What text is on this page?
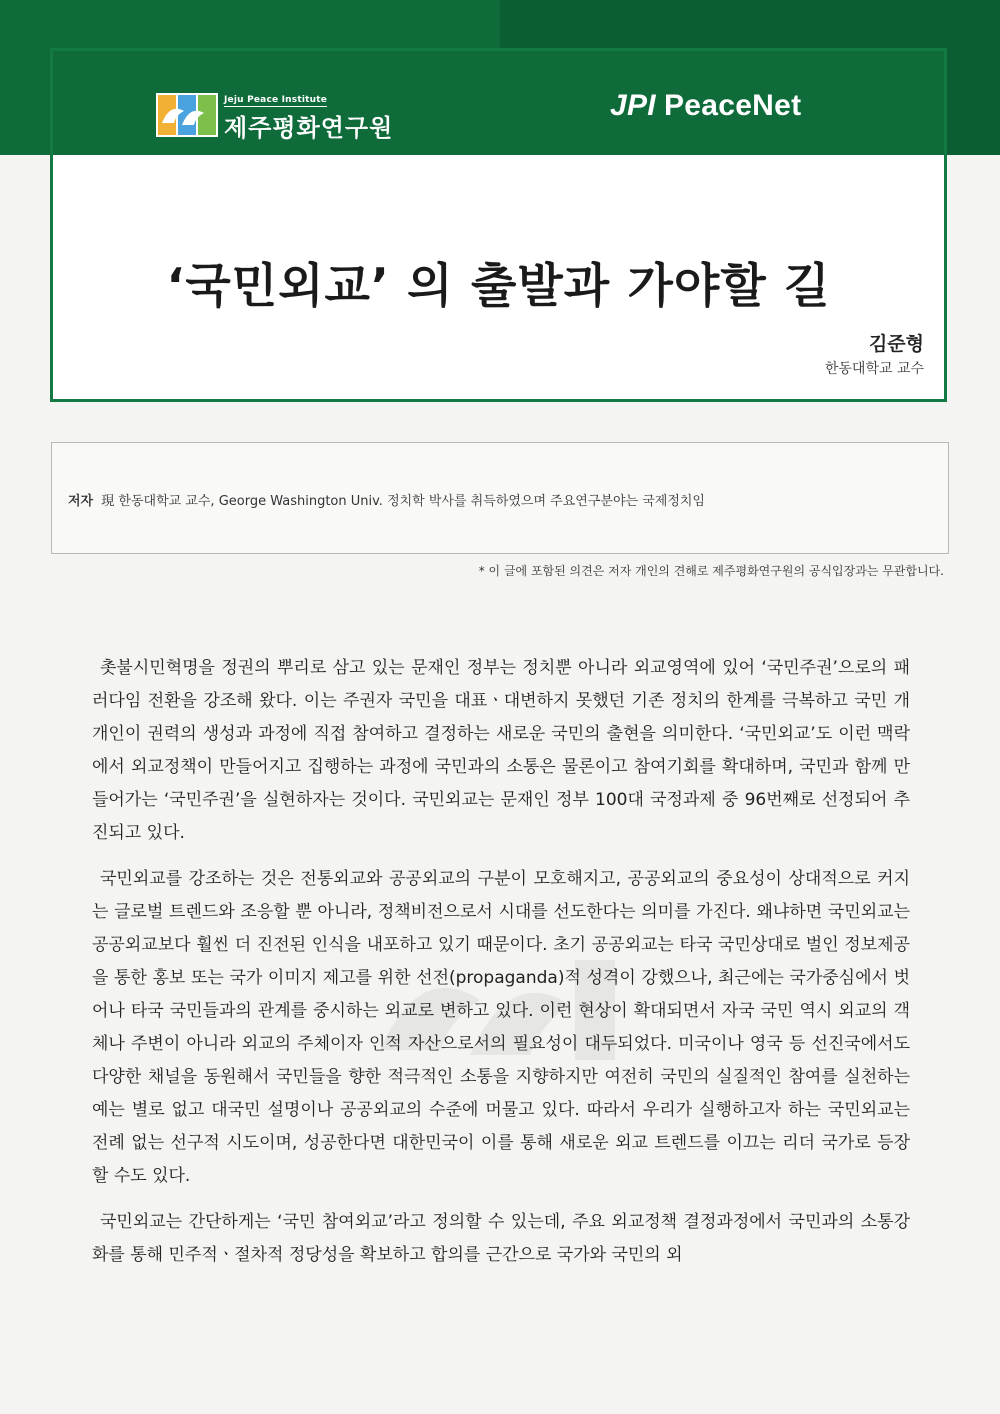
Jeju Peace Institute
제주평화연구원
JPI PeaceNet
‘국민외교’ 의 출발과 가야할 길
김준형
한동대학교 교수
저자 現 한동대학교 교수, George Washington Univ. 정치학 박사를 취득하였으며 주요연구분야는 국제정치임
* 이 글에 포함된 의견은 저자 개인의 견해로 제주평화연구원의 공식입장과는 무관합니다.

촛불시민혁명을 정권의 뿌리로 삼고 있는 문재인 정부는 정치뿐 아니라 외교영역에 있어 ‘국민주권’으로의 패러다임 전환을 강조해 왔다. 이는 주권자 국민을 대표ㆍ대변하지 못했던 기존 정치의 한계를 극복하고 국민 개개인이 권력의 생성과 과정에 직접 참여하고 결정하는 새로운 국민의 출현을 의미한다. ‘국민외교’도 이런 맥락에서 외교정책이 만들어지고 집행하는 과정에 국민과의 소통은 물론이고 참여기회를 확대하며, 국민과 함께 만들어가는 ‘국민주권’을 실현하자는 것이다. 국민외교는 문재인 정부 100대 국정과제 중 96번째로 선정되어 추진되고 있다.

국민외교를 강조하는 것은 전통외교와 공공외교의 구분이 모호해지고, 공공외교의 중요성이 상대적으로 커지는 글로벌 트렌드와 조응할 뿐 아니라, 정책비전으로서 시대를 선도한다는 의미를 가진다. 왜냐하면 국민외교는 공공외교보다 훨씬 더 진전된 인식을 내포하고 있기 때문이다. 초기 공공외교는 타국 국민상대로 벌인 정보제공을 통한 홍보 또는 국가 이미지 제고를 위한 선전(propaganda)적 성격이 강했으나, 최근에는 국가중심에서 벗어나 타국 국민들과의 관계를 중시하는 외교로 변하고 있다. 이런 현상이 확대되면서 자국 국민 역시 외교의 객체나 주변이 아니라 외교의 주체이자 인적 자산으로서의 필요성이 대두되었다. 미국이나 영국 등 선진국에서도 다양한 채널을 동원해서 국민들을 향한 적극적인 소통을 지향하지만 여전히 국민의 실질적인 참여를 실천하는 예는 별로 없고 대국민 설명이나 공공외교의 수준에 머물고 있다. 따라서 우리가 실행하고자 하는 국민외교는 전례 없는 선구적 시도이며, 성공한다면 대한민국이 이를 통해 새로운 외교 트렌드를 이끄는 리더 국가로 등장할 수도 있다.

국민외교는 간단하게는 ‘국민 참여외교’라고 정의할 수 있는데, 주요 외교정책 결정과정에서 국민과의 소통강화를 통해 민주적ㆍ절차적 정당성을 확보하고 합의를 근간으로 국가와 국민의 외
